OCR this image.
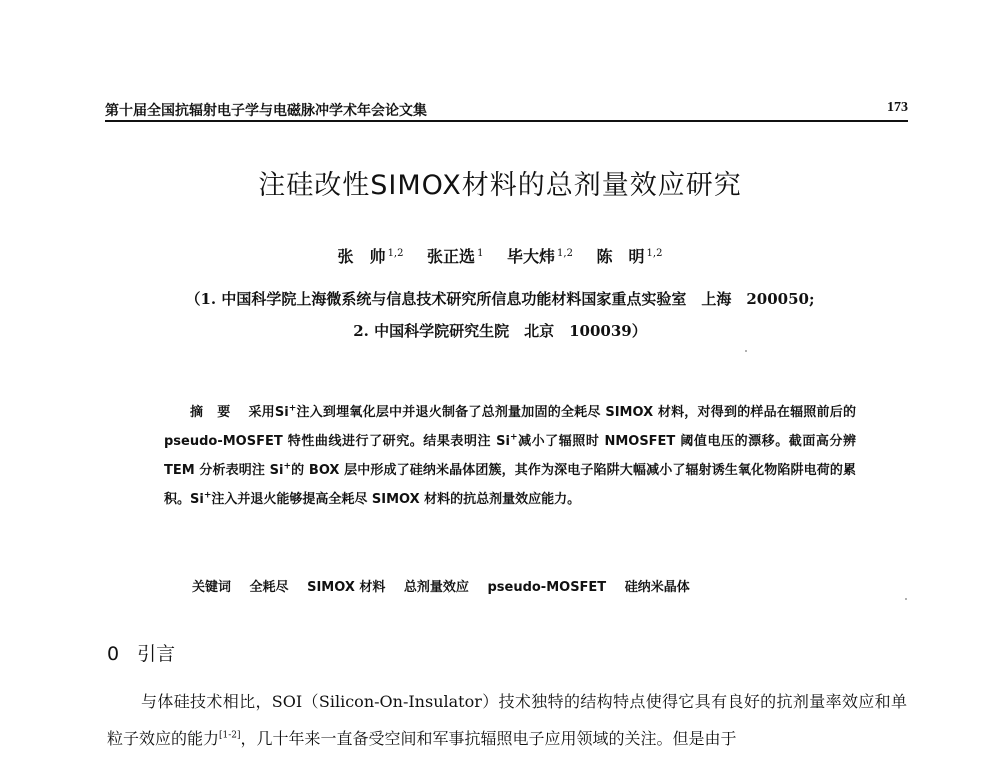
第十届全国抗辐射电子学与电磁脉冲学术年会论文集	173
注硅改性SIMOX材料的总剂量效应研究
张　帅 $^{1,2}$ 张正选 $^1$ 毕大炜 $^{1,2}$ 陈　明 $^{1,2}$
（1. 中国科学院上海微系统与信息技术研究所信息功能材料国家重点实验室　上海　200050;
2. 中国科学院研究生院　北京　100039）

摘要 采用Si+注入到埋氧化层中并退火制备了总剂量加固的全耗尽 SIMOX 材料，对得到的样品在辐照前后的 pseudo-MOSFET 特性曲线进行了研究。结果表明注 Si+减小了辐照时 NMOSFET 阈值电压的漂移。截面高分辨 TEM 分析表明注 Si+的 BOX 层中形成了硅纳米晶体团簇，其作为深电子陷阱大幅减小了辐射诱生氧化物陷阱电荷的累积。Si+注入并退火能够提高全耗尽 SIMOX 材料的抗总剂量效应能力。

关键词 全耗尽 SIMOX 材料 总剂量效应 pseudo-MOSFET 硅纳米晶体
0 引言

与体硅技术相比，SOI（Silicon-On-Insulator）技术独特的结构特点使得它具有良好的抗剂量率效应和单粒子效应的能力[1-2]，几十年来一直备受空间和军事抗辐照电子应用领域的关注。但是由于
